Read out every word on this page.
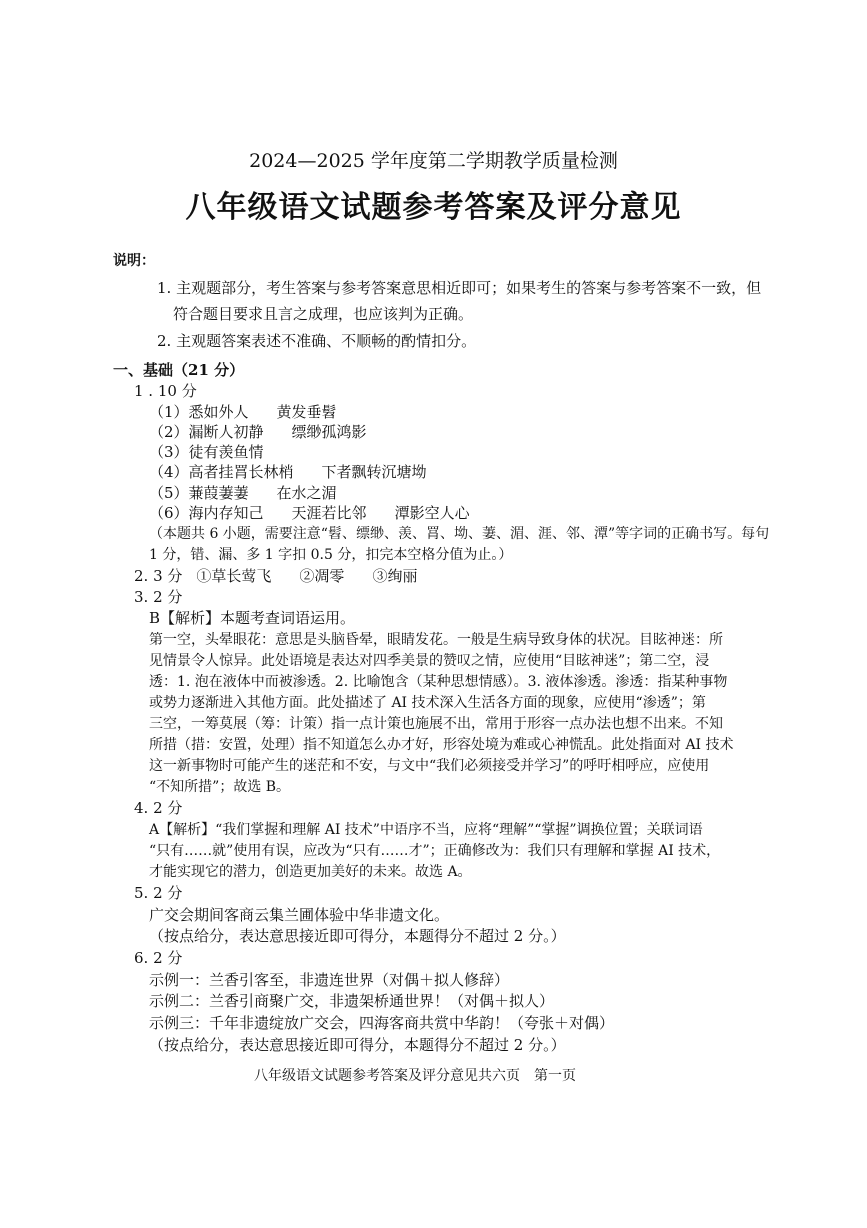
2024—2025 学年度第二学期教学质量检测
八年级语文试题参考答案及评分意见
说明：
1. 主观题部分，考生答案与参考答案意思相近即可；如果考生的答案与参考答案不一致，但
符合题目要求且言之成理，也应该判为正确。
2. 主观题答案表述不准确、不顺畅的酌情扣分。
一、基础（21 分）
1 . 10 分
（1）悉如外人 黄发垂髫
（2）漏断人初静 缥缈孤鸿影
（3）徒有羡鱼情
（4）高者挂罥长林梢 下者飘转沉塘坳
（5）蒹葭萋萋 在水之湄
（6）海内存知己 天涯若比邻 潭影空人心
（本题共 6 小题，需要注意“髫、缥缈、羡、罥、坳、萋、湄、涯、邻、潭”等字词的正确书写。每句
1 分，错、漏、多 1 字扣 0.5 分，扣完本空格分值为止。）
2. 3 分 ①草长莺飞 ②凋零 ③绚丽
3. 2 分
B【解析】本题考查词语运用。
第一空，头晕眼花：意思是头脑昏晕，眼睛发花。一般是生病导致身体的状况。目眩神迷：所
见情景令人惊异。此处语境是表达对四季美景的赞叹之情，应使用“目眩神迷”；第二空，浸
透：1. 泡在液体中而被渗透。2. 比喻饱含（某种思想情感）。3. 液体渗透。渗透：指某种事物
或势力逐渐进入其他方面。此处描述了 AI 技术深入生活各方面的现象，应使用“渗透”；第
三空，一筹莫展（筹：计策）指一点计策也施展不出，常用于形容一点办法也想不出来。不知
所措（措：安置，处理）指不知道怎么办才好，形容处境为难或心神慌乱。此处指面对 AI 技术
这一新事物时可能产生的迷茫和不安，与文中“我们必须接受并学习”的呼吁相呼应，应使用
“不知所措”；故选 B。
4. 2 分
A【解析】“我们掌握和理解 AI 技术”中语序不当，应将“理解”“掌握”调换位置；关联词语
“只有……就”使用有误，应改为“只有……才”；正确修改为：我们只有理解和掌握 AI 技术，
才能实现它的潜力，创造更加美好的未来。故选 A。
5. 2 分
广交会期间客商云集兰圃体验中华非遗文化。
（按点给分，表达意思接近即可得分，本题得分不超过 2 分。）
6. 2 分
示例一：兰香引客至，非遗连世界（对偶＋拟人修辞）
示例二：兰香引商聚广交，非遗架桥通世界！（对偶＋拟人）
示例三：千年非遗绽放广交会，四海客商共赏中华韵！（夸张＋对偶）
（按点给分，表达意思接近即可得分，本题得分不超过 2 分。）
八年级语文试题参考答案及评分意见共六页 第一页
